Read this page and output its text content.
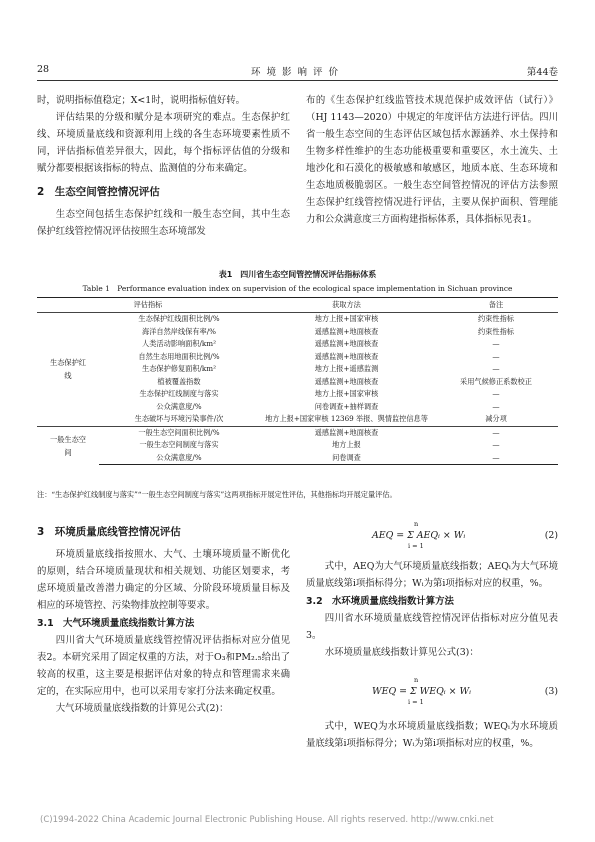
28	环境影响评价	第44卷

时，说明指标值稳定；X<1时，说明指标值好转。

评估结果的分级和赋分是本项研究的难点。生态保护红线、环境质量底线和资源利用上线的各生态环境要素性质不同，评估指标值差异很大，因此，每个指标评估值的分级和赋分都要根据该指标的特点、监测值的分布来确定。

2　生态空间管控情况评估

生态空间包括生态保护红线和一般生态空间，其中生态保护红线管控情况评估按照生态环境部发

布的《生态保护红线监管技术规范保护成效评估（试行）》（HJ 1143—2020）中规定的年度评估方法进行评估。四川省一般生态空间的生态评估区域包括水源涵养、水土保持和生物多样性维护的生态功能极重要和重要区，水土流失、土地沙化和石漠化的极敏感和敏感区，地质本底、生态环境和生态地质极脆弱区。一般生态空间管控情况的评估方法参照生态保护红线管控情况进行评估，主要从保护面积、管理能力和公众满意度三方面构建指标体系，具体指标见表1。

表1　四川省生态空间管控情况评估指标体系
Table 1　Performance evaluation index on supervision of the ecological space implementation in Sichuan province
评估指标		获取方法	备注
生态保护红线	生态保护红线面积比例/%	地方上报+国家审核	约束性指标
	海洋自然岸线保有率/%	遥感监测+地面核查	约束性指标
	人类活动影响面积/km²	遥感监测+地面核查	—
	自然生态用地面积比例/%	遥感监测+地面核查	—
	生态保护修复面积/km²	地方上报+遥感监测	—
	植被覆盖指数	遥感监测+地面核查	采用气候修正系数校正
	生态保护红线制度与落实	地方上报+国家审核	—
	公众满意度/%	问卷调查+抽样调查	—
	生态破坏与环境污染事件/次	地方上报+国家审核 12369 举报、舆情监控信息等	减分项
一般生态空间	一般生态空间面积比例/%	遥感监测+地面核查	—
	一般生态空间制度与落实	地方上报	—
	公众满意度/%	问卷调查	—
注：“生态保护红线制度与落实”“一般生态空间制度与落实”这两项指标开展定性评估，其他指标均开展定量评估。

3　环境质量底线管控情况评估

环境质量底线指按照水、大气、土壤环境质量不断优化的原则，结合环境质量现状和相关规划、功能区划要求，考虑环境质量改善潜力确定的分区域、分阶段环境质量目标及相应的环境管控、污染物排放控制等要求。

3.1　大气环境质量底线指数计算方法

四川省大气环境质量底线管控情况评估指标对应分值见表2。本研究采用了固定权重的方法，对于O₃和PM₂.₅给出了较高的权重，这主要是根据评估对象的特点和管理需求来确定的，在实际应用中，也可以采用专家打分法来确定权重。

大气环境质量底线指数的计算见公式(2)：

n
i = 1
AEQ = Σ AEQᵢ × Wᵢ	(2)

式中，AEQ为大气环境质量底线指数；AEQᵢ为大气环境质量底线第i项指标得分；Wᵢ为第i项指标对应的权重，%。

3.2　水环境质量底线指数计算方法

四川省水环境质量底线管控情况评估指标对应分值见表3。

水环境质量底线指数计算见公式(3)：

n
i = 1
WEQ = Σ WEQᵢ × Wᵢ	(3)

式中，WEQ为水环境质量底线指数；WEQᵢ为水环境质量底线第i项指标得分；Wᵢ为第i项指标对应的权重，%。

(C)1994-2022 China Academic Journal Electronic Publishing House. All rights reserved. http://www.cnki.net
